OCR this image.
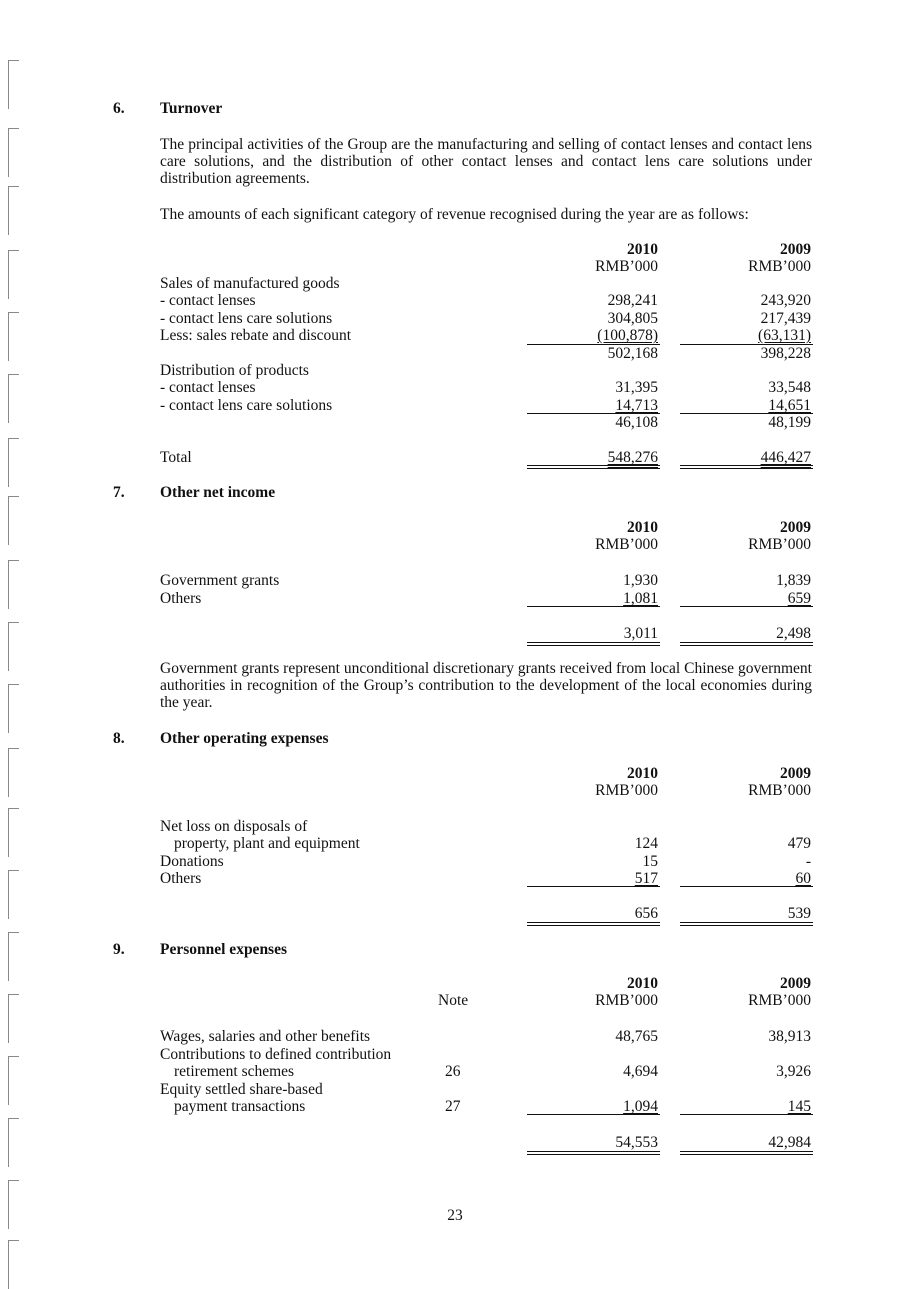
6. Turnover
The principal activities of the Group are the manufacturing and selling of contact lenses and contact lens care solutions, and the distribution of other contact lenses and contact lens care solutions under distribution agreements.
The amounts of each significant category of revenue recognised during the year are as follows:
2010	2009
RMB’000	RMB’000
Sales of manufactured goods
- contact lenses	298,241	243,920
- contact lens care solutions	304,805	217,439
Less: sales rebate and discount	(100,878)	(63,131)
502,168	398,228
Distribution of products
- contact lenses	31,395	33,548
- contact lens care solutions	14,713	14,651
46,108	48,199
Total	548,276	446,427
7. Other net income
2010	2009
RMB’000	RMB’000
Government grants	1,930	1,839
Others	1,081	659
3,011	2,498
Government grants represent unconditional discretionary grants received from local Chinese government authorities in recognition of the Group’s contribution to the development of the local economies during the year.
8. Other operating expenses
2010	2009
RMB’000	RMB’000
Net loss on disposals of
property, plant and equipment	124	479
Donations	15	-
Others	517	60
656	539
9. Personnel expenses
2010	2009
Note	RMB’000	RMB’000
Wages, salaries and other benefits	48,765	38,913
Contributions to defined contribution
retirement schemes	26	4,694	3,926
Equity settled share-based
payment transactions	27	1,094	145
54,553	42,984
23
